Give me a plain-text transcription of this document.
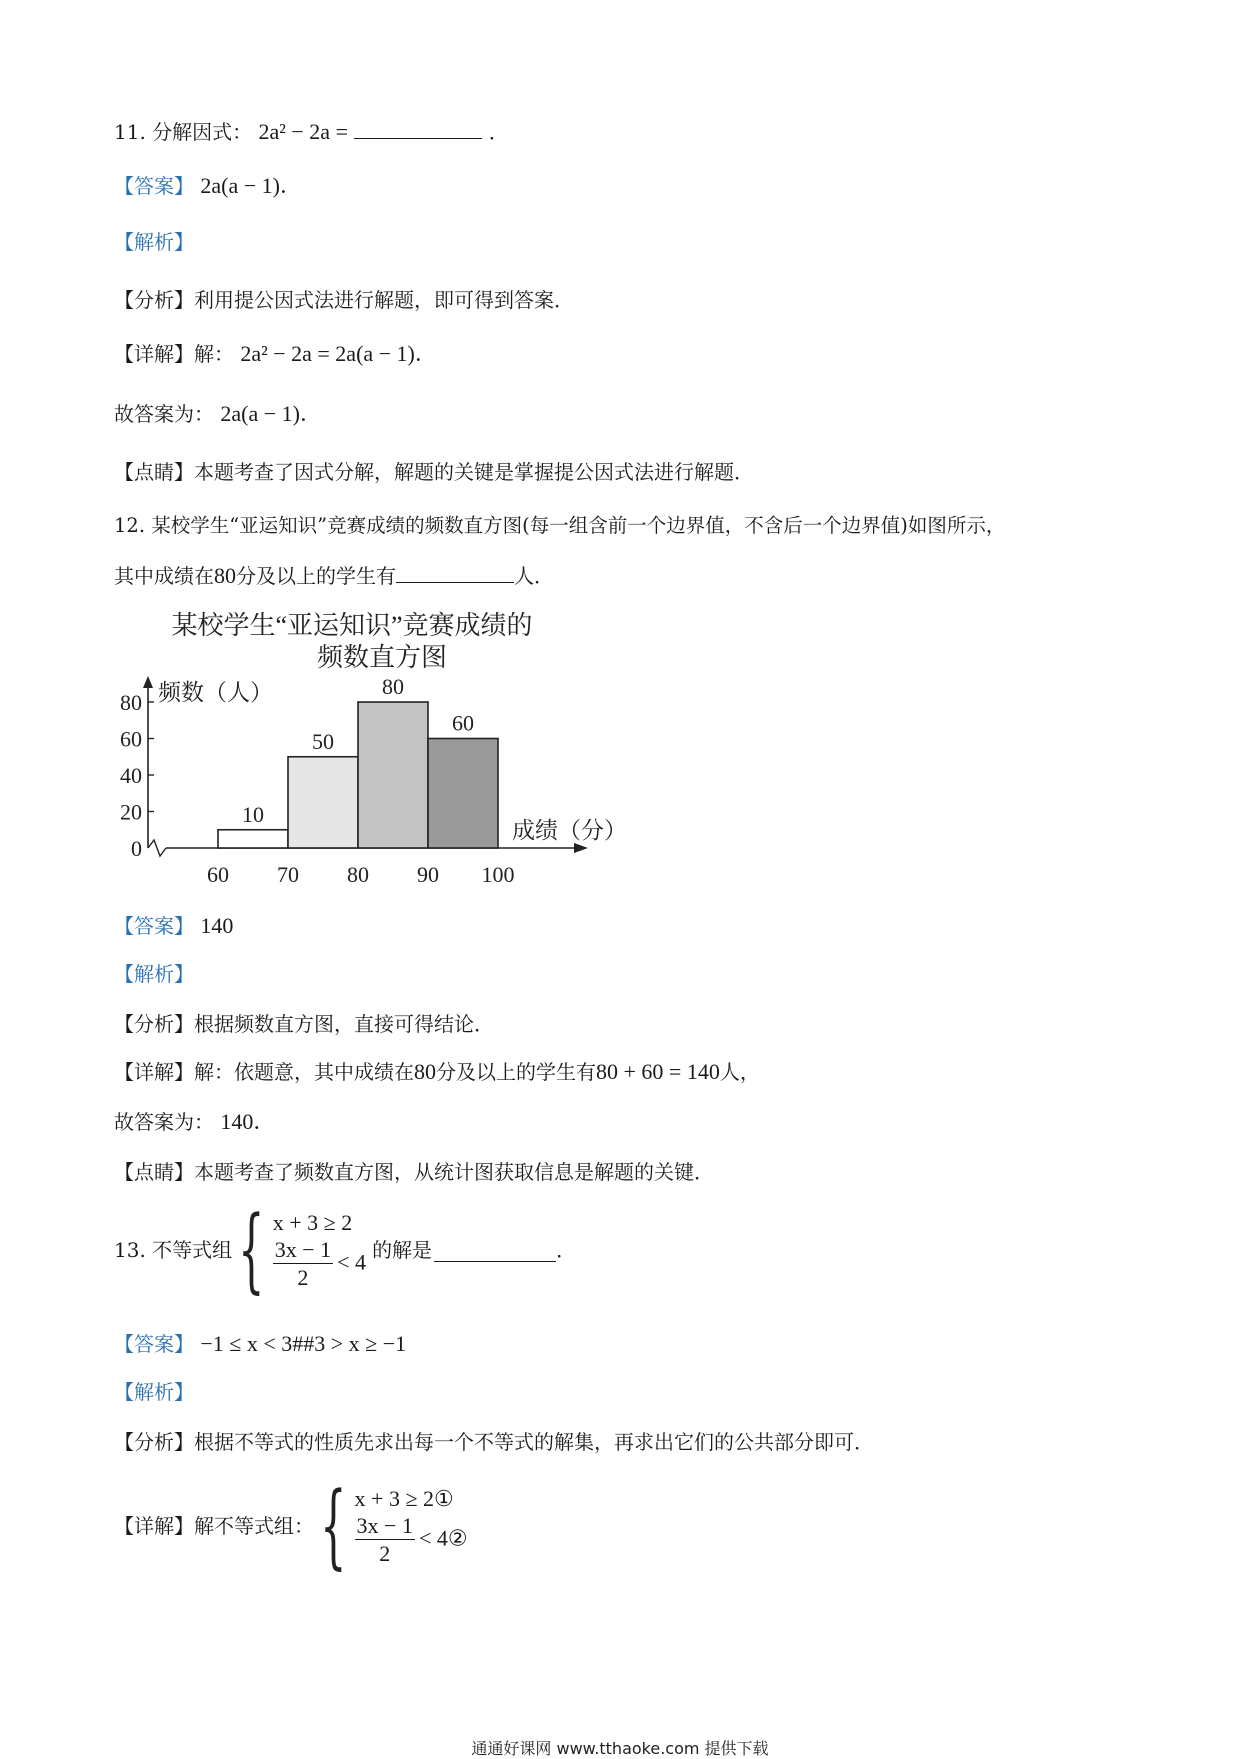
11. 分解因式： 2a² − 2a =	．
【答案】 2a(a − 1)．
【解析】
【分析】利用提公因式法进行解题，即可得到答案．
【详解】解： 2a² − 2a = 2a(a − 1)．
故答案为： 2a(a − 1)．
【点睛】本题考查了因式分解，解题的关键是掌握提公因式法进行解题．
12. 某校学生“亚运知识”竞赛成绩的频数直方图(每一组含前一个边界值，不含后一个边界值)如图所示，
其中成绩在80分及以上的学生有	人．
某校学生“亚运知识”竞赛成绩的
频数直方图
0
20
40
60
80
10
50
80
60
60 70 80 90 100
频数（人）
成绩（分）
【答案】 140
【解析】
【分析】根据频数直方图，直接可得结论．
【详解】解：依题意，其中成绩在80分及以上的学生有80 + 60 = 140人，
故答案为： 140．
【点睛】本题考查了频数直方图，从统计图获取信息是解题的关键．
13. 不等式组 { x + 3 ≥ 2
$\frac{3x - 1}{2} < 4$ 的解是	．
【答案】 −1 ≤ x < 3##3 > x ≥ −1
【解析】
【分析】根据不等式的性质先求出每一个不等式的解集，再求出它们的公共部分即可．
【详解】 解不等式组： { x + 3 ≥ 2①
$\frac{3x - 1}{2}$ < 4②
通通好课网 www.tthaoke.com 提供下载
